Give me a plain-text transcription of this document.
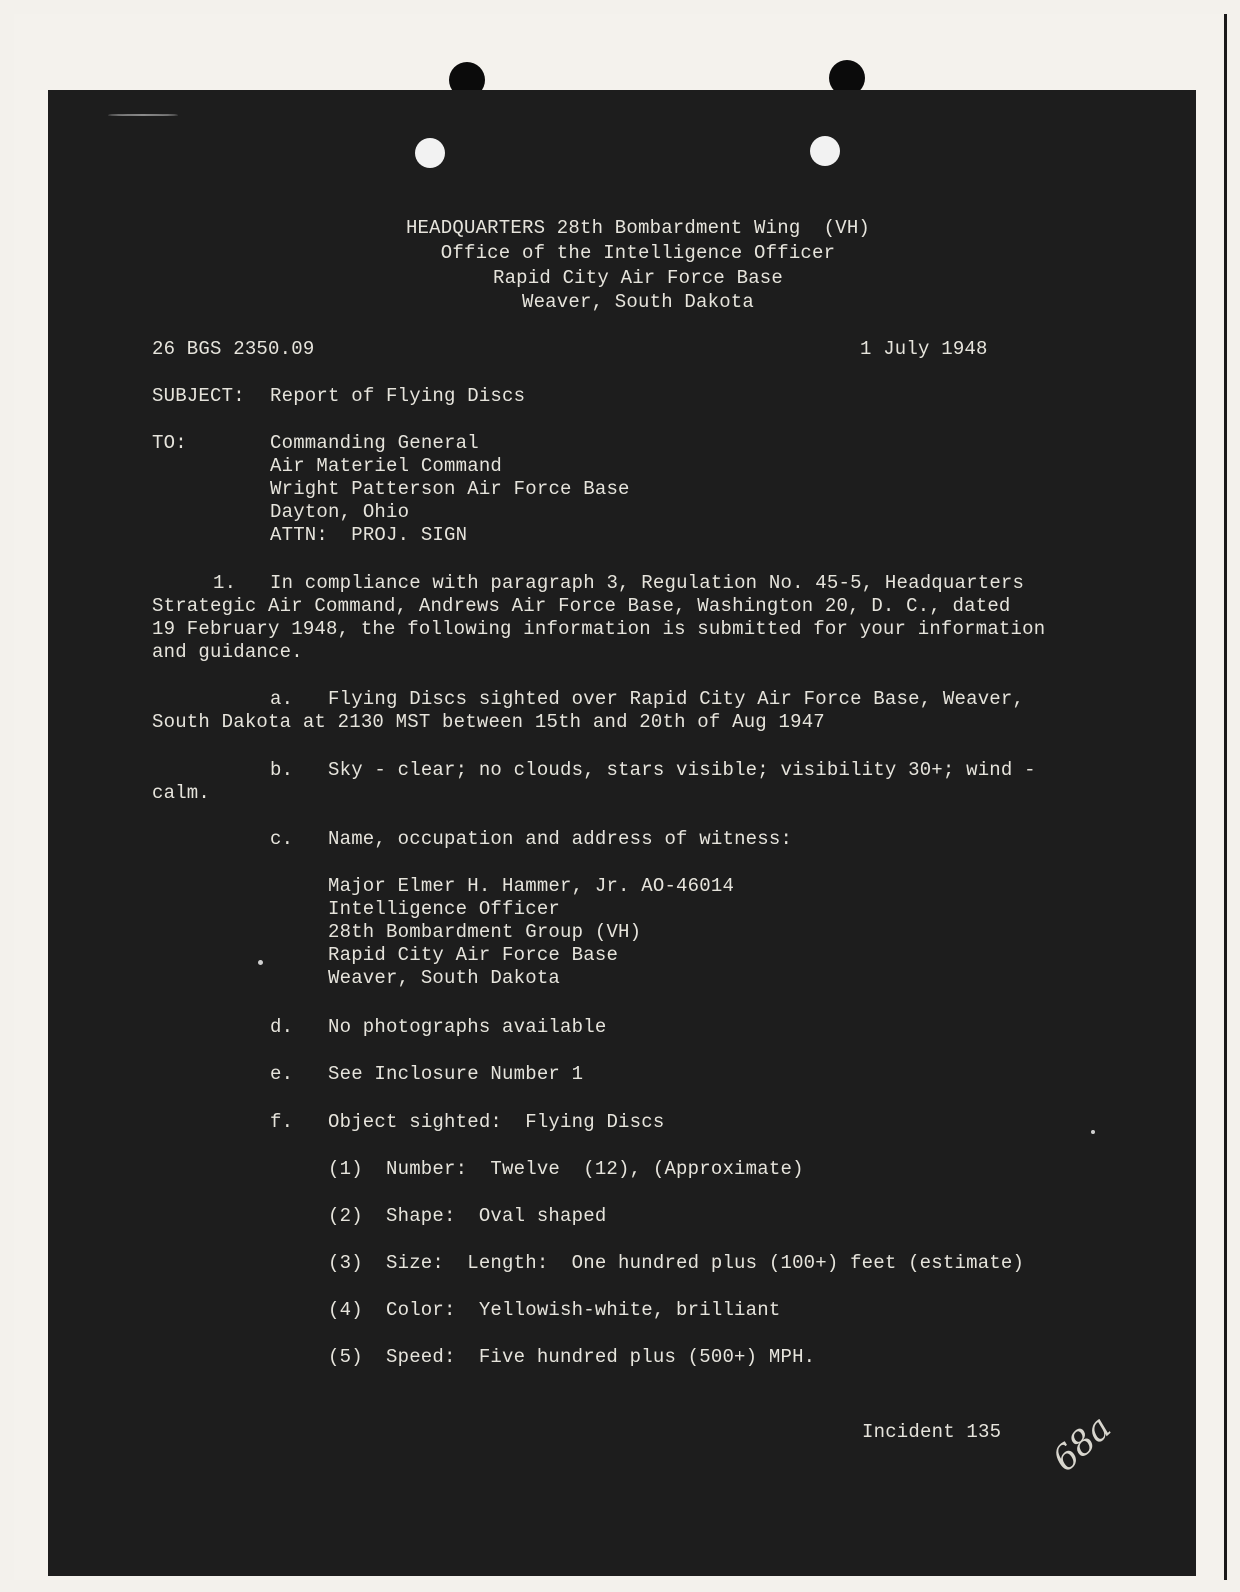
HEADQUARTERS 28th Bombardment Wing  (VH)
Office of the Intelligence Officer
Rapid City Air Force Base
Weaver, South Dakota
26 BGS 2350.09	1 July 1948
SUBJECT: Report of Flying Discs
TO:	Commanding General
Air Materiel Command
Wright Patterson Air Force Base
Dayton, Ohio
ATTN:  PROJ. SIGN
1. In compliance with paragraph 3, Regulation No. 45-5, Headquarters
Strategic Air Command, Andrews Air Force Base, Washington 20, D. C., dated
19 February 1948, the following information is submitted for your information
and guidance.
a. Flying Discs sighted over Rapid City Air Force Base, Weaver,
South Dakota at 2130 MST between 15th and 20th of Aug 1947
b. Sky - clear; no clouds, stars visible; visibility 30+; wind -
calm.
c. Name, occupation and address of witness:
Major Elmer H. Hammer, Jr. AO-46014
Intelligence Officer
28th Bombardment Group (VH)
Rapid City Air Force Base
Weaver, South Dakota
d. No photographs available
e. See Inclosure Number 1
f. Object sighted:  Flying Discs
(1) Number:  Twelve  (12), (Approximate)
(2) Shape:  Oval shaped
(3) Size:  Length:  One hundred plus (100+) feet (estimate)
(4) Color:  Yellowish-white, brilliant
(5) Speed:  Five hundred plus (500+) MPH.
Incident 135 68a
